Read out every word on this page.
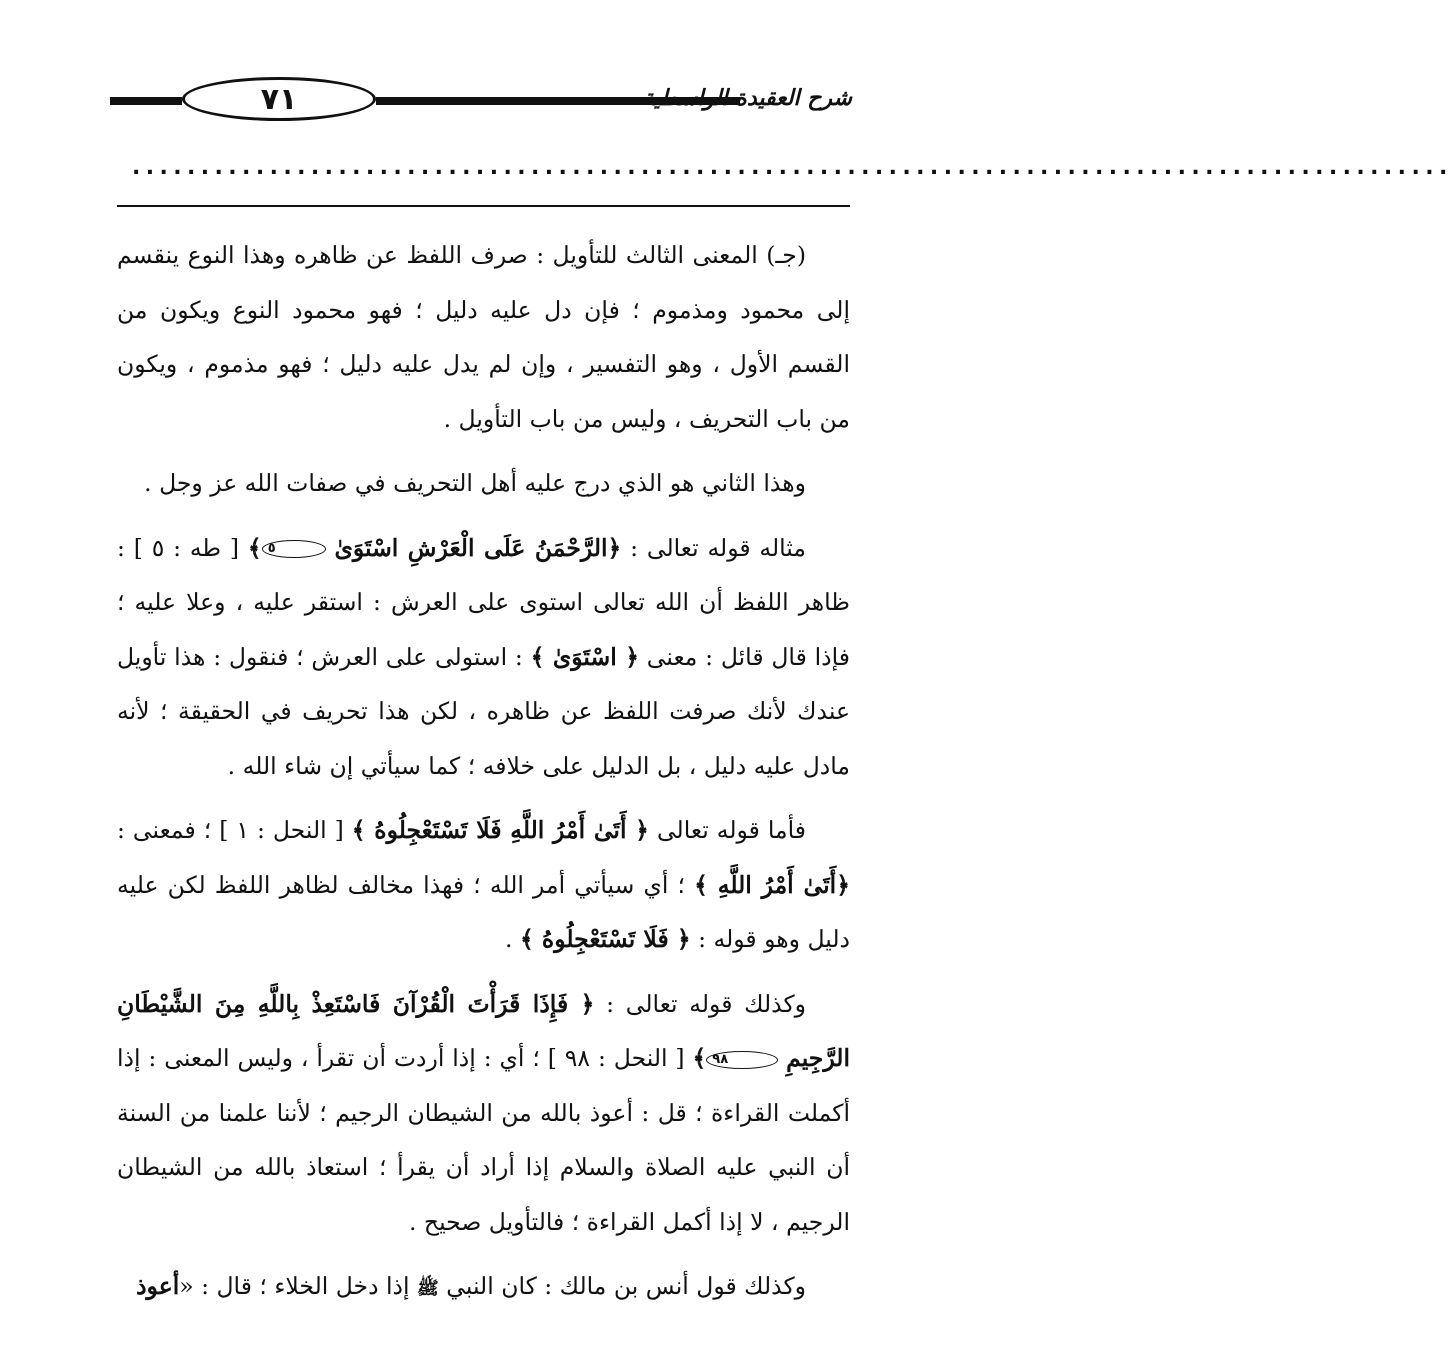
٧١	شرح العقيدة الواسطية
................................................................................................

(جـ) المعنى الثالث للتأويل : صرف اللفظ عن ظاهره وهذا النوع ينقسم إلى محمود ومذموم ؛ فإن دل عليه دليل ؛ فهو محمود النوع ويكون من القسم الأول ، وهو التفسير ، وإن لم يدل عليه دليل ؛ فهو مذموم ، ويكون من باب التحريف ، وليس من باب التأويل .

وهذا الثاني هو الذي درج عليه أهل التحريف في صفات الله عز وجل .

مثاله قوله تعالى : ﴿الرَّحْمَنُ عَلَى الْعَرْشِ اسْتَوَىٰ ٥﴾ [ طه : ٥ ] : ظاهر اللفظ أن الله تعالى استوى على العرش : استقر عليه ، وعلا عليه ؛ فإذا قال قائل : معنى ﴿ اسْتَوَىٰ ﴾ : استولى على العرش ؛ فنقول : هذا تأويل عندك لأنك صرفت اللفظ عن ظاهره ، لكن هذا تحريف في الحقيقة ؛ لأنه مادل عليه دليل ، بل الدليل على خلافه ؛ كما سيأتي إن شاء الله .

فأما قوله تعالى ﴿ أَتَىٰ أَمْرُ اللَّهِ فَلَا تَسْتَعْجِلُوهُ ﴾ [ النحل : ١ ] ؛ فمعنى : ﴿أَتَىٰ أَمْرُ اللَّهِ ﴾ ؛ أي سيأتي أمر الله ؛ فهذا مخالف لظاهر اللفظ لكن عليه دليل وهو قوله : ﴿ فَلَا تَسْتَعْجِلُوهُ ﴾ .

وكذلك قوله تعالى : ﴿ فَإِذَا قَرَأْتَ الْقُرْآنَ فَاسْتَعِذْ بِاللَّهِ مِنَ الشَّيْطَانِ الرَّجِيمِ ٩٨﴾ [ النحل : ٩٨ ] ؛ أي : إذا أردت أن تقرأ ، وليس المعنى : إذا أكملت القراءة ؛ قل : أعوذ بالله من الشيطان الرجيم ؛ لأننا علمنا من السنة أن النبي عليه الصلاة والسلام إذا أراد أن يقرأ ؛ استعاذ بالله من الشيطان الرجيم ، لا إذا أكمل القراءة ؛ فالتأويل صحيح .

وكذلك قول أنس بن مالك : كان النبي ﷺ إذا دخل الخلاء ؛ قال : «أعوذ
